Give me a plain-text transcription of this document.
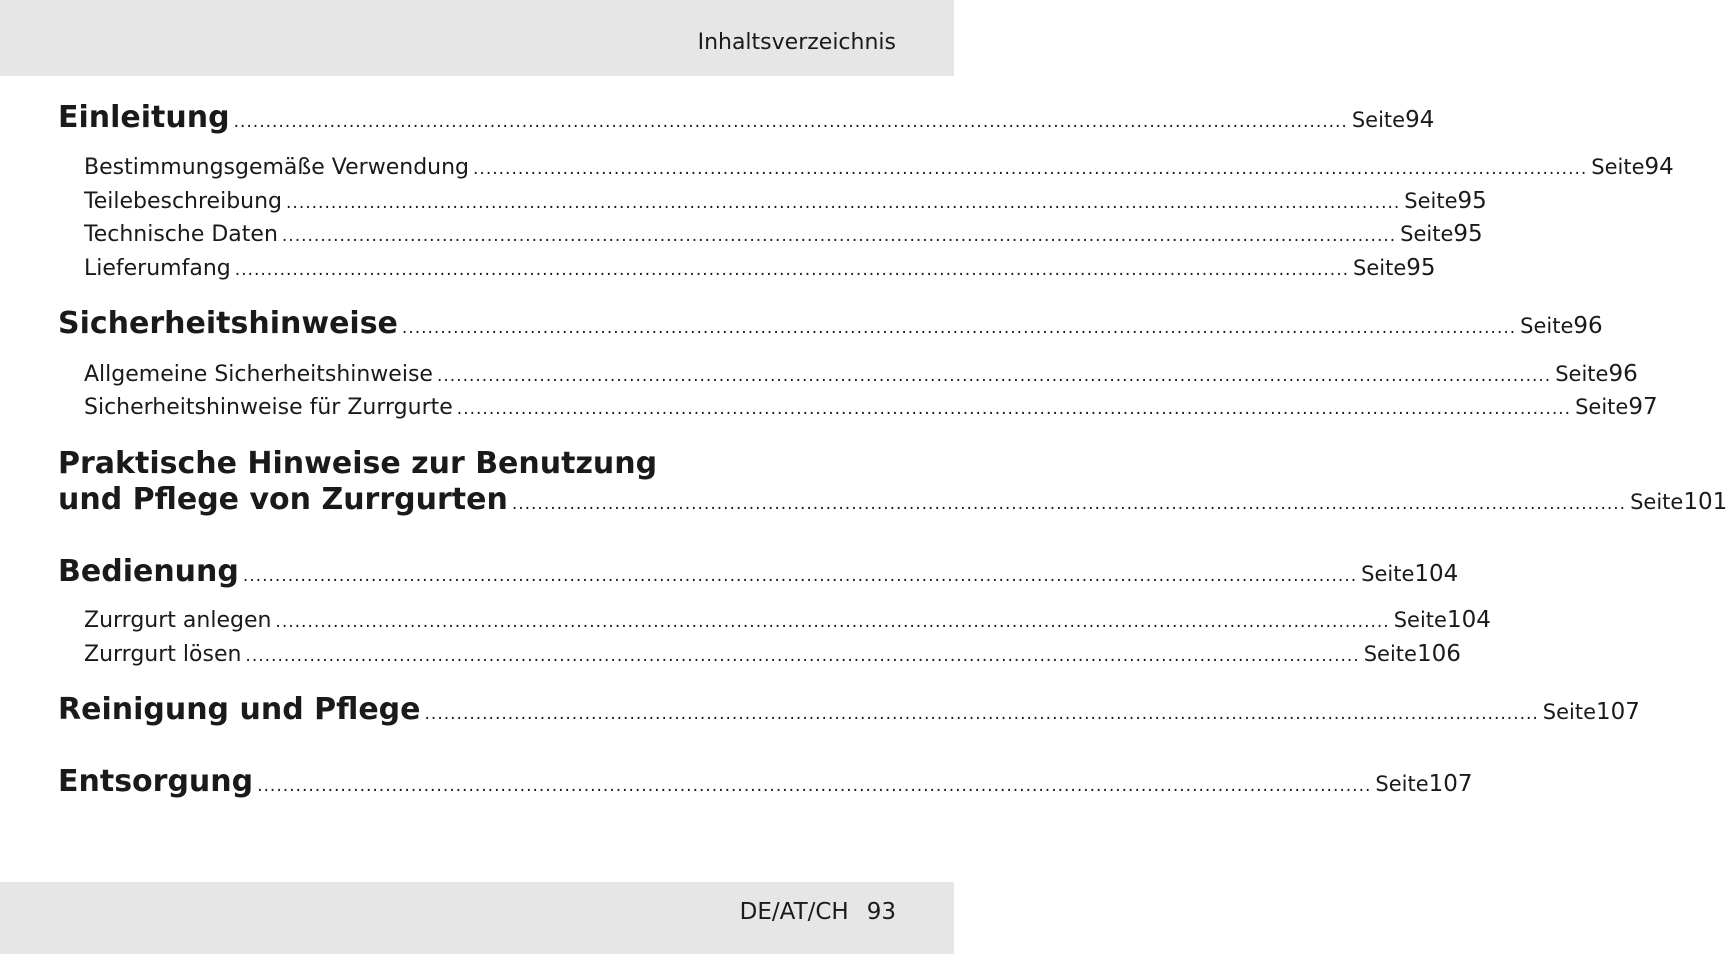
Inhaltsverzeichnis
Einleitung .............................................................................................................................................................................. Seite 94
Bestimmungsgemäße Verwendung .............................................................................................................................................................................. Seite 94
Teilebeschreibung .............................................................................................................................................................................. Seite 95
Technische Daten .............................................................................................................................................................................. Seite 95
Lieferumfang .............................................................................................................................................................................. Seite 95
Sicherheitshinweise .............................................................................................................................................................................. Seite 96
Allgemeine Sicherheitshinweise .............................................................................................................................................................................. Seite 96
Sicherheitshinweise für Zurrgurte .............................................................................................................................................................................. Seite 97
Praktische Hinweise zur Benutzung
und Pflege von Zurrgurten .............................................................................................................................................................................. Seite 101
Bedienung .............................................................................................................................................................................. Seite 104
Zurrgurt anlegen .............................................................................................................................................................................. Seite 104
Zurrgurt lösen .............................................................................................................................................................................. Seite 106
Reinigung und Pflege .............................................................................................................................................................................. Seite 107
Entsorgung .............................................................................................................................................................................. Seite 107
DE/AT/CH 93
